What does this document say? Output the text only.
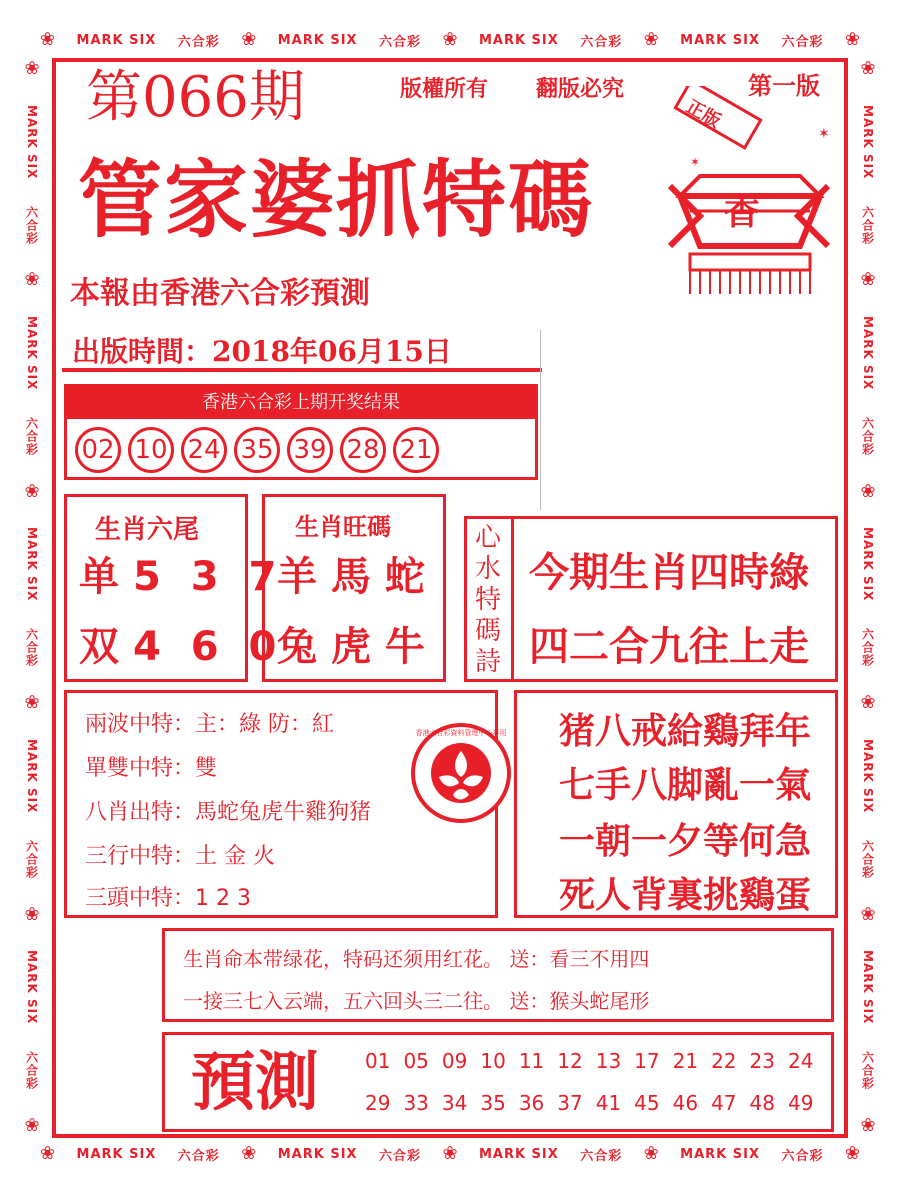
❀ MARK SIX 六合彩 ❀ MARK SIX 六合彩 ❀ MARK SIX 六合彩 ❀ MARK SIX 六合彩 ❀
❀ MARK SIX 六合彩 ❀ MARK SIX 六合彩 ❀ MARK SIX 六合彩 ❀ MARK SIX 六合彩 ❀
❀
MARK SIX
六合彩
❀
MARK SIX
六合彩
❀
MARK SIX
六合彩
❀
MARK SIX
六合彩
❀
MARK SIX
六合彩
❀
❀
MARK SIX
六合彩
❀
MARK SIX
六合彩
❀
MARK SIX
六合彩
❀
MARK SIX
六合彩
❀
MARK SIX
六合彩
❀
第066期	版權所有 翻版必究	第一版
✶
✶
正版
香
管家婆抓特碼
本報由香港六合彩預測
出版時間：2018年06月15日
香港六合彩上期开奖结果
02 10 24 35 39 28 21
生肖六尾
单 5 3 7
双 4 6 0
生肖旺碼
羊 馬 蛇
兔 虎 牛
心水特碼詩
今期生肖四時綠
四二合九往上走
兩波中特：主：綠 防：紅
單雙中特：雙
八肖出特：馬蛇兔虎牛雞狗猪
三行中特：土 金 火
三頭中特：1 2 3
香港六合彩資料管理中心專用 猪八戒給鷄拜年
七手八脚亂一氣
一朝一夕等何急
死人背裏挑鷄蛋
生肖命本带绿花，特码还须用红花。 送：看三不用四
一接三七入云端，五六回头三二往。 送：猴头蛇尾形
預測 01 05 09 10 11 12 13 17 21 22 23 24
29 33 34 35 36 37 41 45 46 47 48 49
